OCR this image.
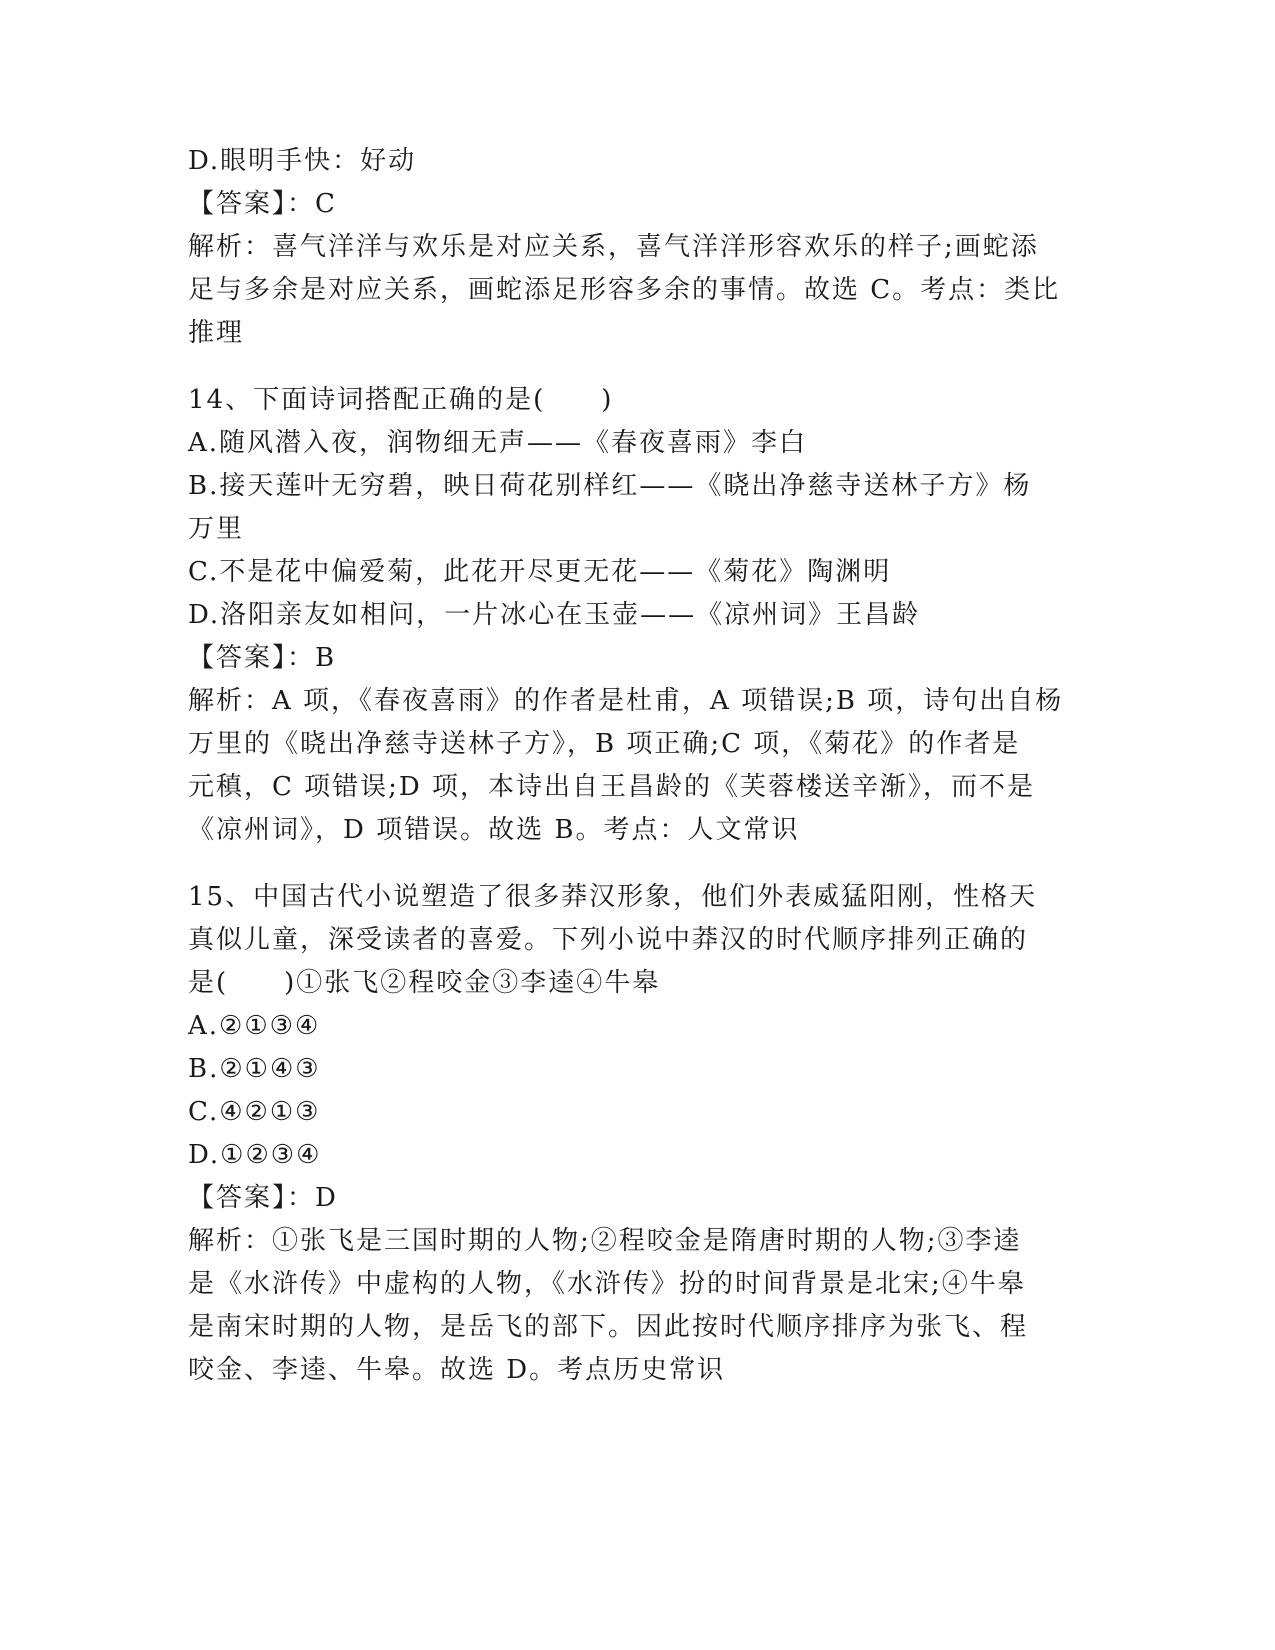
D.眼明手快：好动
【答案】：C
解析：喜气洋洋与欢乐是对应关系，喜气洋洋形容欢乐的样子;画蛇添
足与多余是对应关系，画蛇添足形容多余的事情。故选 C。考点：类比
推理
14、下面诗词搭配正确的是(　　)
A.随风潜入夜，润物细无声——《春夜喜雨》李白
B.接天莲叶无穷碧，映日荷花别样红——《晓出净慈寺送林子方》杨
万里
C.不是花中偏爱菊，此花开尽更无花——《菊花》陶渊明
D.洛阳亲友如相问，一片冰心在玉壶——《凉州词》王昌龄
【答案】：B
解析：A 项，《春夜喜雨》的作者是杜甫，A 项错误;B 项，诗句出自杨
万里的《晓出净慈寺送林子方》，B 项正确;C 项，《菊花》的作者是
元稹，C 项错误;D 项，本诗出自王昌龄的《芙蓉楼送辛渐》，而不是
《凉州词》，D 项错误。故选 B。考点：人文常识
15、中国古代小说塑造了很多莽汉形象，他们外表威猛阳刚，性格天
真似儿童，深受读者的喜爱。下列小说中莽汉的时代顺序排列正确的
是(　　)①张飞②程咬金③李逵④牛皋
A.②①③④
B.②①④③
C.④②①③
D.①②③④
【答案】：D
解析：①张飞是三国时期的人物;②程咬金是隋唐时期的人物;③李逵
是《水浒传》中虚构的人物，《水浒传》扮的时间背景是北宋;④牛皋
是南宋时期的人物，是岳飞的部下。因此按时代顺序排序为张飞、程
咬金、李逵、牛皋。故选 D。考点历史常识
